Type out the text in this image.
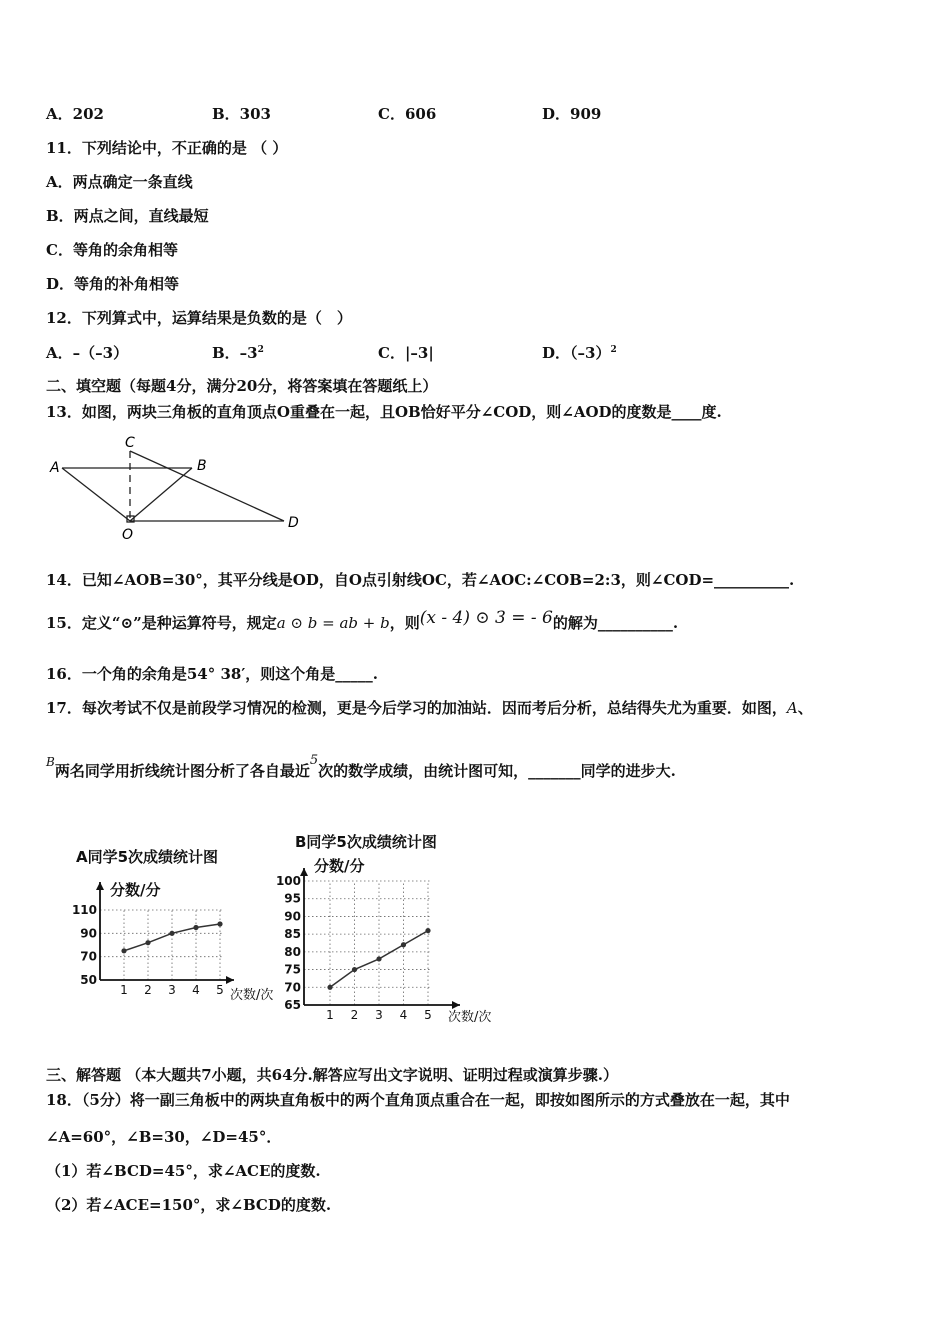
A．202	B．303	C．606	D．909
11．下列结论中，不正确的是 （ ）
A．两点确定一条直线
B．两点之间，直线最短
C．等角的余角相等
D．等角的补角相等
12．下列算式中，运算结果是负数的是（　）
A．–（–3）	B．$-3^2$	C．|–3|	D．$(-3)^2$
二、填空题（每题4分，满分20分，将答案填在答题纸上）
13．如图，两块三角板的直角顶点O重叠在一起，且OB恰好平分∠COD，则∠AOD的度数是____度.
A	B
C
D
O
14．已知∠AOB=30°，其平分线是OD，自O点引射线OC，若∠AOC:∠COB=2:3，则∠COD=__________.
15．定义“⊙”是种运算符号，规定a ⊙ b = ab + b，则(x - 4) ⊙ 3 = - 6的解为__________.
16．一个角的余角是54° 38′，则这个角是_____.
17．每次考试不仅是前段学习情况的检测，更是今后学习的加油站．因而考后分析，总结得失尤为重要．如图，A、
$^B$两名同学用折线统计图分析了各自最近5次的数学成绩，由统计图可知，_______同学的进步大.
A同学5次成绩统计图
50
70
90
110
1 2 3 4 5
分数/分
次数/次
B同学5次成绩统计图
65
70
75
80
85
90
95
100
1 2 3 4 5
分数/分
次数/次
三、解答题 （本大题共7小题，共64分.解答应写出文字说明、证明过程或演算步骤.）
18．（5分）将一副三角板中的两块直角板中的两个直角顶点重合在一起，即按如图所示的方式叠放在一起，其中
∠A=60°，∠B=30，∠D=45°．
（1）若∠BCD=45°，求∠ACE的度数.
（2）若∠ACE=150°，求∠BCD的度数.
